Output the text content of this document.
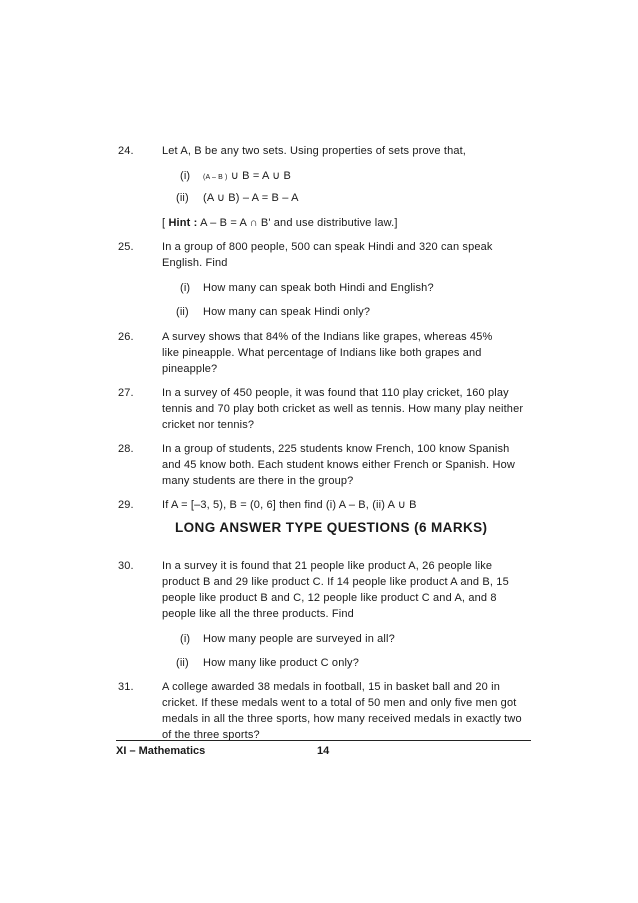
24.	Let A, B be any two sets. Using properties of sets prove that,
(i) (A – B ) ∪ B = A ∪ B
(ii) (A ∪ B) – A = B – A
[ Hint : A – B = A ∩ B' and use distributive law.]
25.	In a group of 800 people, 500 can speak Hindi and 320 can speak
English. Find
(i) How many can speak both Hindi and English?
(ii) How many can speak Hindi only?
26.	A survey shows that 84% of the Indians like grapes, whereas 45%
like pineapple. What percentage of Indians like both grapes and
pineapple?
27.	In a survey of 450 people, it was found that 110 play cricket, 160 play
tennis and 70 play both cricket as well as tennis. How many play neither
cricket nor tennis?
28.	In a group of students, 225 students know French, 100 know Spanish
and 45 know both. Each student knows either French or Spanish. How
many students are there in the group?
29.	If A = [–3, 5), B = (0, 6] then find (i) A – B, (ii) A ∪ B
LONG ANSWER TYPE QUESTIONS (6 MARKS)
30.	In a survey it is found that 21 people like product A, 26 people like
product B and 29 like product C. If 14 people like product A and B, 15
people like product B and C, 12 people like product C and A, and 8
people like all the three products. Find
(i) How many people are surveyed in all?
(ii) How many like product C only?
31.	A college awarded 38 medals in football, 15 in basket ball and 20 in
cricket. If these medals went to a total of 50 men and only five men got
medals in all the three sports, how many received medals in exactly two
of the three sports?
XI – Mathematics	14
